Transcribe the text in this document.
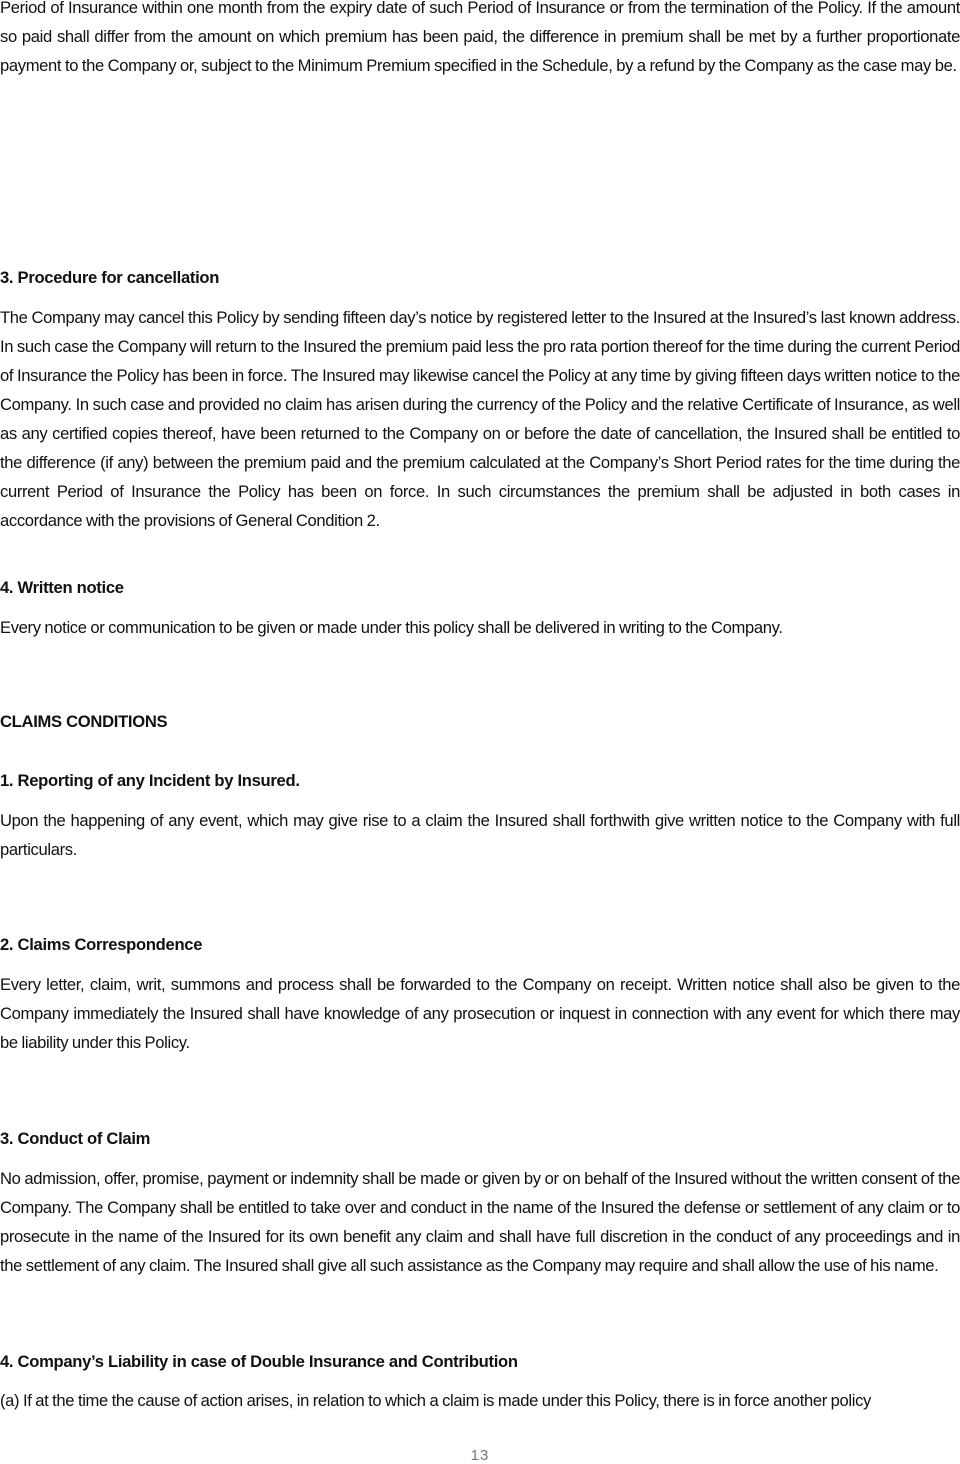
Period of Insurance within one month from the expiry date of such Period of Insurance or from the termination of the Policy. If the amount so paid shall differ from the amount on which premium has been paid, the difference in premium shall be met by a further proportionate payment to the Company or, subject to the Minimum Premium specified in the Schedule, by a refund by the Company as the case may be.

3. Procedure for cancellation

The Company may cancel this Policy by sending fifteen day’s notice by registered letter to the Insured at the Insured’s last known address. In such case the Company will return to the Insured the premium paid less the pro rata portion thereof for the time during the current Period of Insurance the Policy has been in force. The Insured may likewise cancel the Policy at any time by giving fifteen days written notice to the Company. In such case and provided no claim has arisen during the currency of the Policy and the relative Certificate of Insurance, as well as any certified copies thereof, have been returned to the Company on or before the date of cancellation, the Insured shall be entitled to the difference (if any) between the premium paid and the premium calculated at the Company’s Short Period rates for the time during the current Period of Insurance the Policy has been on force. In such circumstances the premium shall be adjusted in both cases in accordance with the provisions of General Condition 2.

4. Written notice

Every notice or communication to be given or made under this policy shall be delivered in writing to the Company.

CLAIMS CONDITIONS
1. Reporting of any Incident by Insured.

Upon the happening of any event, which may give rise to a claim the Insured shall forthwith give written notice to the Company with full particulars.

2. Claims Correspondence

Every letter, claim, writ, summons and process shall be forwarded to the Company on receipt. Written notice shall also be given to the Company immediately the Insured shall have knowledge of any prosecution or inquest in connection with any event for which there may be liability under this Policy.

3. Conduct of Claim

No admission, offer, promise, payment or indemnity shall be made or given by or on behalf of the Insured without the written consent of the Company. The Company shall be entitled to take over and conduct in the name of the Insured the defense or settlement of any claim or to prosecute in the name of the Insured for its own benefit any claim and shall have full discretion in the conduct of any proceedings and in the settlement of any claim. The Insured shall give all such assistance as the Company may require and shall allow the use of his name.

4. Company’s Liability in case of Double Insurance and Contribution

(a) If at the time the cause of action arises, in relation to which a claim is made under this Policy, there is in force another policy

13
